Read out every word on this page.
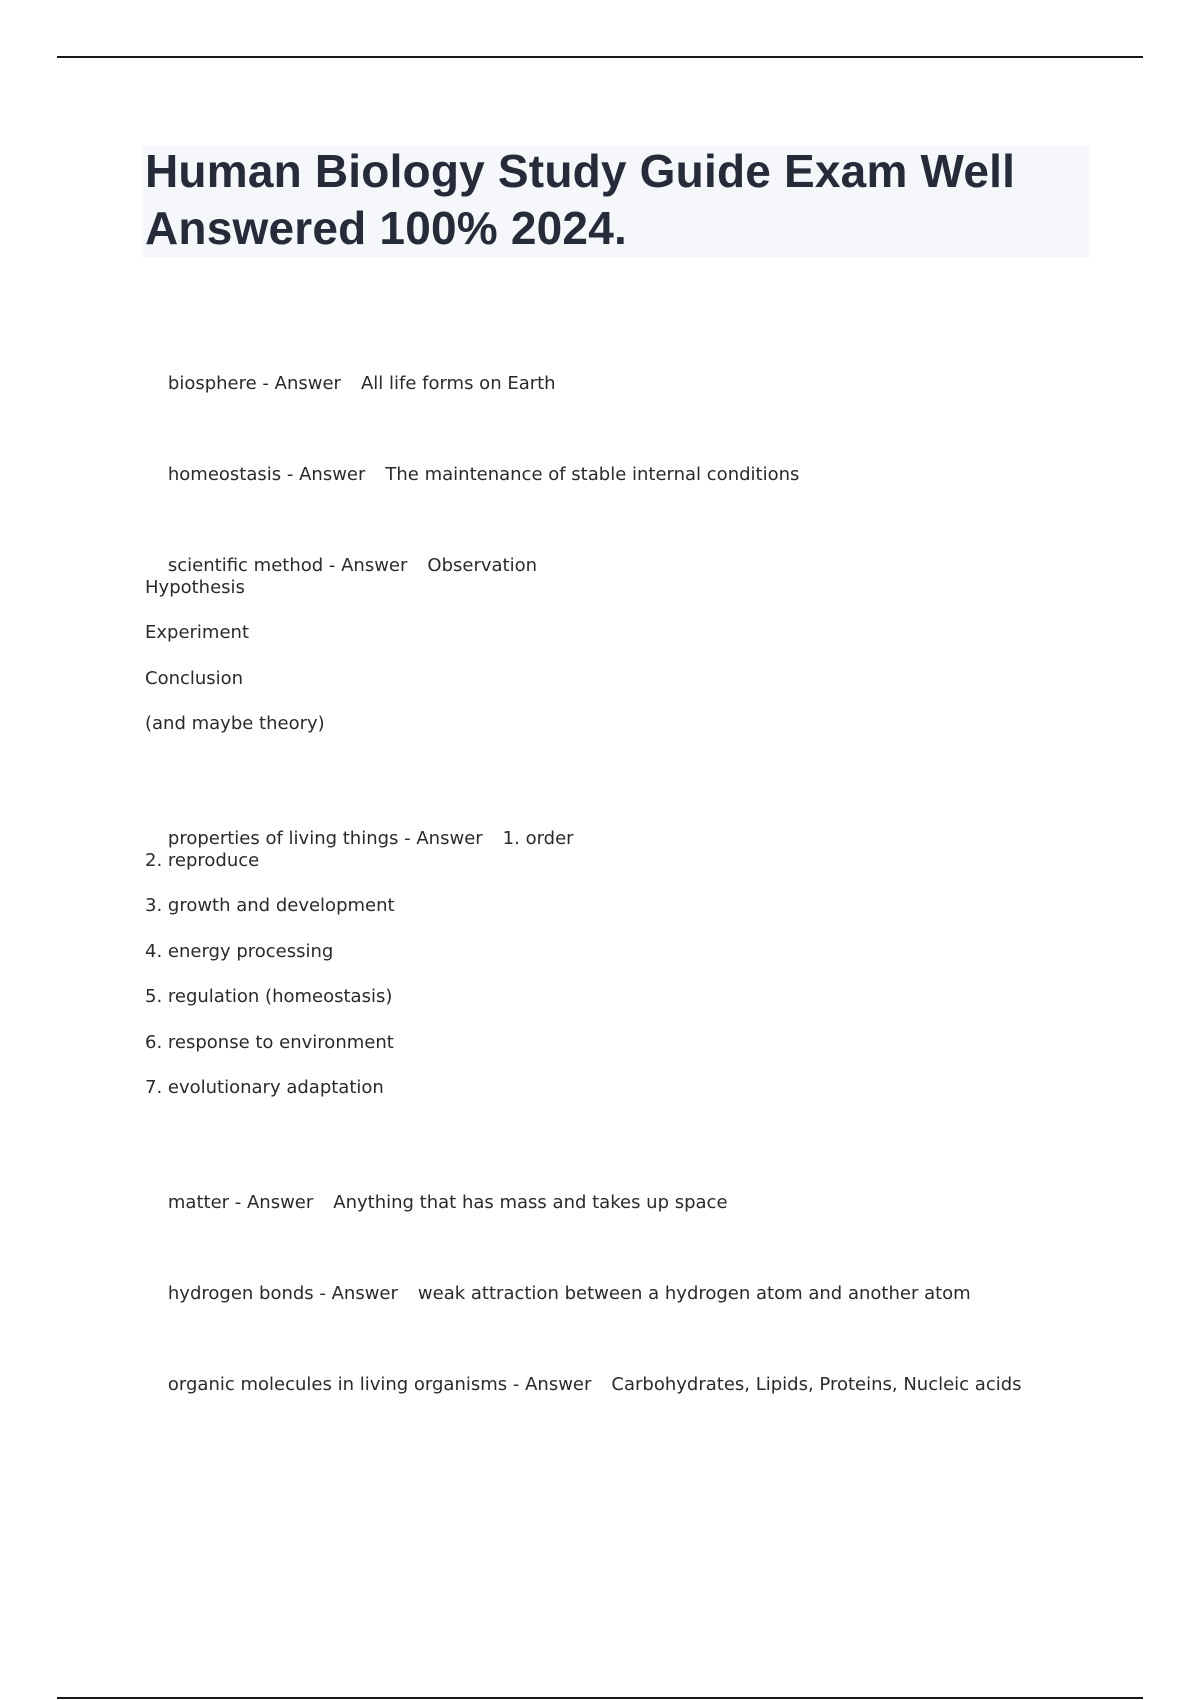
Human Biology Study Guide Exam Well Answered 100% 2024.

biosphere - Answer All life forms on Earth

homeostasis - Answer The maintenance of stable internal conditions

scientific method - Answer Observation

Hypothesis
Experiment
Conclusion
(and maybe theory)

properties of living things - Answer 1. order

2. reproduce
3. growth and development
4. energy processing
5. regulation (homeostasis)
6. response to environment
7. evolutionary adaptation

matter - Answer Anything that has mass and takes up space

hydrogen bonds - Answer weak attraction between a hydrogen atom and another atom

organic molecules in living organisms - Answer Carbohydrates, Lipids, Proteins, Nucleic acids
